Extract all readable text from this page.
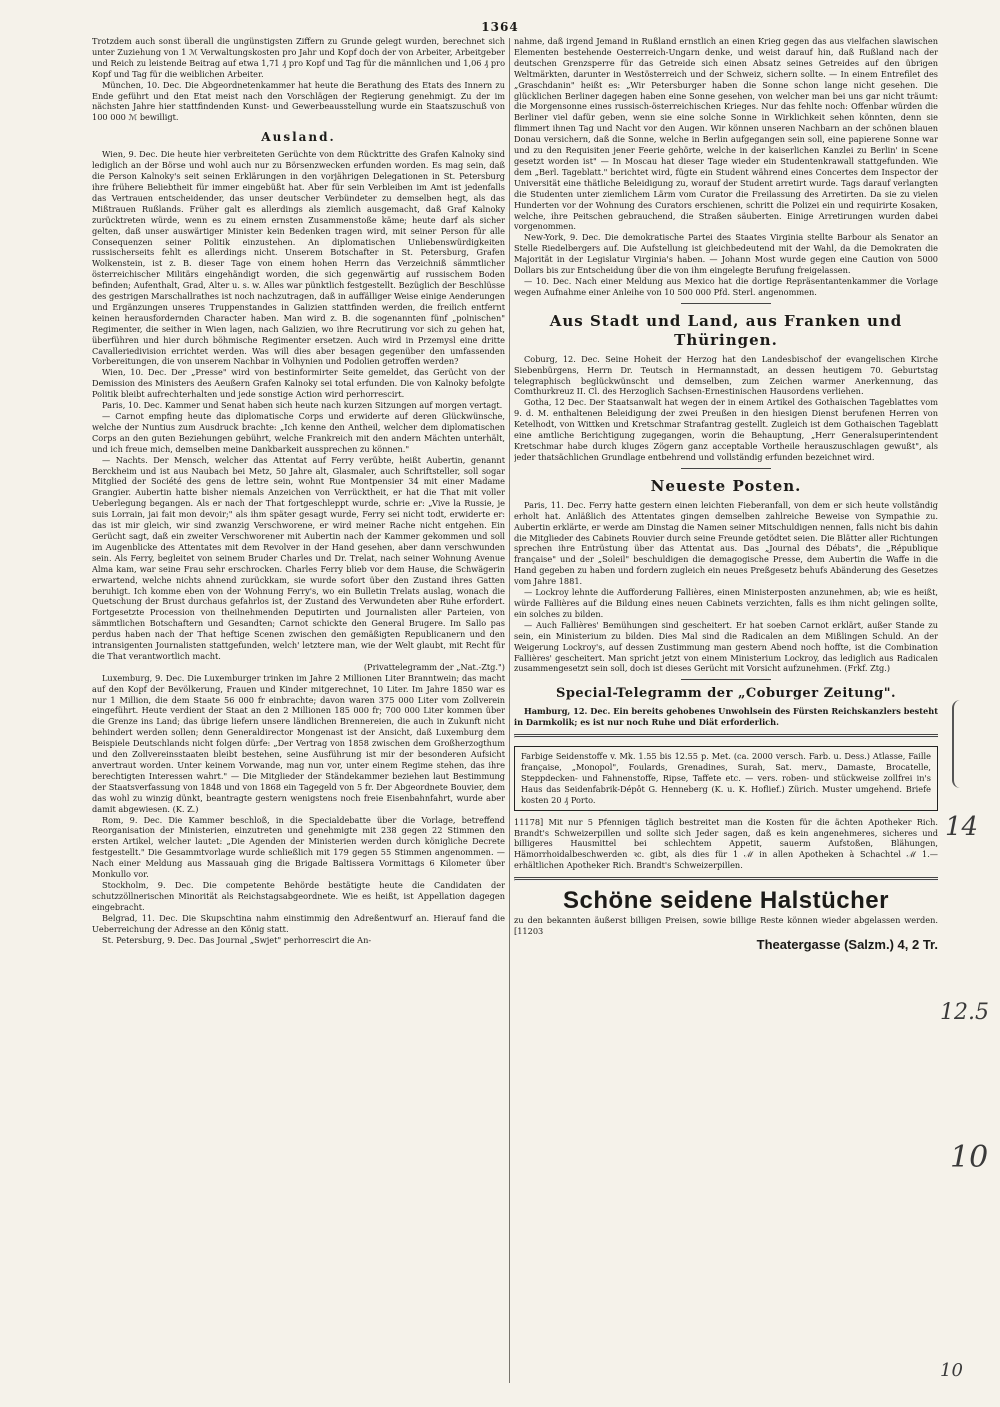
1364

Trotzdem auch sonst überall die ungünstigsten Ziffern zu Grunde gelegt wurden, berechnet sich unter Zuziehung von 1 ℳ Verwaltungskosten pro Jahr und Kopf doch der von Arbeiter, Arbeitgeber und Reich zu leistende Beitrag auf etwa 1,71 ₰ pro Kopf und Tag für die männlichen und 1,06 ₰ pro Kopf und Tag für die weiblichen Arbeiter.

München, 10. Dec. Die Abgeordnetenkammer hat heute die Berathung des Etats des Innern zu Ende geführt und den Etat meist nach den Vorschlägen der Regierung genehmigt. Zu der im nächsten Jahre hier stattfindenden Kunst- und Gewerbeausstellung wurde ein Staatszuschuß von 100 000 ℳ bewilligt.

Ausland.

Wien, 9. Dec. Die heute hier verbreiteten Gerüchte von dem Rücktritte des Grafen Kalnoky sind lediglich an der Börse und wohl auch nur zu Börsenzwecken erfunden worden. Es mag sein, daß die Person Kalnoky's seit seinen Erklärungen in den vorjährigen Delegationen in St. Petersburg ihre frühere Beliebtheit für immer eingebüßt hat. Aber für sein Verbleiben im Amt ist jedenfalls das Vertrauen entscheidender, das unser deutscher Verbündeter zu demselben hegt, als das Mißtrauen Rußlands. Früher galt es allerdings als ziemlich ausgemacht, daß Graf Kalnoky zurücktreten würde, wenn es zu einem ernsten Zusammenstoße käme; heute darf als sicher gelten, daß unser auswärtiger Minister kein Bedenken tragen wird, mit seiner Person für alle Consequenzen seiner Politik einzustehen. An diplomatischen Unliebenswürdigkeiten russischerseits fehlt es allerdings nicht. Unserem Botschafter in St. Petersburg, Grafen Wolkenstein, ist z. B. dieser Tage von einem hohen Herrn das Verzeichniß sämmtlicher österreichischer Militärs eingehändigt worden, die sich gegenwärtig auf russischem Boden befinden; Aufenthalt, Grad, Alter u. s. w. Alles war pünktlich festgestellt. Bezüglich der Beschlüsse des gestrigen Marschallrathes ist noch nachzutragen, daß in auffälliger Weise einige Aenderungen und Ergänzungen unseres Truppenstandes in Galizien stattfinden werden, die freilich entfernt keinen herausfordernden Character haben. Man wird z. B. die sogenannten fünf „polnischen" Regimenter, die seither in Wien lagen, nach Galizien, wo ihre Recrutirung vor sich zu gehen hat, überführen und hier durch böhmische Regimenter ersetzen. Auch wird in Przemysl eine dritte Cavalleriedivision errichtet werden. Was will dies aber besagen gegenüber den umfassenden Vorbereitungen, die von unserem Nachbar in Volhynien und Podolien getroffen werden?

Wien, 10. Dec. Der „Presse" wird von bestinformirter Seite gemeldet, das Gerücht von der Demission des Ministers des Aeußern Grafen Kalnoky sei total erfunden. Die von Kalnoky befolgte Politik bleibt aufrechterhalten und jede sonstige Action wird perhorrescirt.

Paris, 10. Dec. Kammer und Senat haben sich heute nach kurzen Sitzungen auf morgen vertagt.

— Carnot empfing heute das diplomatische Corps und erwiderte auf deren Glückwünsche, welche der Nuntius zum Ausdruck brachte: „Ich kenne den Antheil, welcher dem diplomatischen Corps an den guten Beziehungen gebührt, welche Frankreich mit den andern Mächten unterhält, und ich freue mich, demselben meine Dankbarkeit aussprechen zu können."

— Nachts. Der Mensch, welcher das Attentat auf Ferry verübte, heißt Aubertin, genannt Berckheim und ist aus Naubach bei Metz, 50 Jahre alt, Glasmaler, auch Schriftsteller, soll sogar Mitglied der Société des gens de lettre sein, wohnt Rue Montpensier 34 mit einer Madame Grangier. Aubertin hatte bisher niemals Anzeichen von Verrücktheit, er hat die That mit voller Ueberlegung begangen. Als er nach der That fortgeschleppt wurde, schrie er: „Vive la Russie, je suis Lorrain, jai fait mon devoir;" als ihm später gesagt wurde, Ferry sei nicht todt, erwiderte er: das ist mir gleich, wir sind zwanzig Verschworene, er wird meiner Rache nicht entgehen. Ein Gerücht sagt, daß ein zweiter Verschworener mit Aubertin nach der Kammer gekommen und soll im Augenblicke des Attentates mit dem Revolver in der Hand gesehen, aber dann verschwunden sein. Als Ferry, begleitet von seinem Bruder Charles und Dr. Trelat, nach seiner Wohnung Avenue Alma kam, war seine Frau sehr erschrocken. Charles Ferry blieb vor dem Hause, die Schwägerin erwartend, welche nichts ahnend zurückkam, sie wurde sofort über den Zustand ihres Gatten beruhigt. Ich komme eben von der Wohnung Ferry's, wo ein Bulletin Trelats auslag, wonach die Quetschung der Brust durchaus gefahrlos ist, der Zustand des Verwundeten aber Ruhe erfordert. Fortgesetzte Procession von theilnehmenden Deputirten und Journalisten aller Parteien, von sämmtlichen Botschaftern und Gesandten; Carnot schickte den General Brugere. Im Sallo pas perdus haben nach der That heftige Scenen zwischen den gemäßigten Republicanern und den intransigenten Journalisten stattgefunden, welch' letztere man, wie der Welt glaubt, mit Recht für die That verantwortlich macht.

(Privattelegramm der „Nat.-Ztg.")

Luxemburg, 9. Dec. Die Luxemburger trinken im Jahre 2 Millionen Liter Branntwein; das macht auf den Kopf der Bevölkerung, Frauen und Kinder mitgerechnet, 10 Liter. Im Jahre 1850 war es nur 1 Million, die dem Staate 56 000 fr einbrachte; davon waren 375 000 Liter vom Zollverein eingeführt. Heute verdient der Staat an den 2 Millionen 185 000 fr; 700 000 Liter kommen über die Grenze ins Land; das übrige liefern unsere ländlichen Brennereien, die auch in Zukunft nicht behindert werden sollen; denn Generaldirector Mongenast ist der Ansicht, daß Luxemburg dem Beispiele Deutschlands nicht folgen dürfe: „Der Vertrag von 1858 zwischen dem Großherzogthum und den Zollvereinsstaaten bleibt bestehen, seine Ausführung ist mir der besonderen Aufsicht anvertraut worden. Unter keinem Vorwande, mag nun vor, unter einem Regime stehen, das ihre berechtigten Interessen wahrt." — Die Mitglieder der Ständekammer beziehen laut Bestimmung der Staatsverfassung von 1848 und von 1868 ein Tagegeld von 5 fr. Der Abgeordnete Bouvier, dem das wohl zu winzig dünkt, beantragte gestern wenigstens noch freie Eisenbahnfahrt, wurde aber damit abgewiesen. (K. Z.)

Rom, 9. Dec. Die Kammer beschloß, in die Specialdebatte über die Vorlage, betreffend Reorganisation der Ministerien, einzutreten und genehmigte mit 238 gegen 22 Stimmen den ersten Artikel, welcher lautet: „Die Agenden der Ministerien werden durch königliche Decrete festgestellt." Die Gesammtvorlage wurde schließlich mit 179 gegen 55 Stimmen angenommen. — Nach einer Meldung aus Massauah ging die Brigade Baltissera Vormittags 6 Kilometer über Monkullo vor.

Stockholm, 9. Dec. Die competente Behörde bestätigte heute die Candidaten der schutzzöllnerischen Minorität als Reichstagsabgeordnete. Wie es heißt, ist Appellation dagegen eingebracht.

Belgrad, 11. Dec. Die Skupschtina nahm einstimmig den Adreßentwurf an. Hierauf fand die Ueberreichung der Adresse an den König statt.

St. Petersburg, 9. Dec. Das Journal „Swjet" perhorrescirt die An-

nahme, daß irgend Jemand in Rußland ernstlich an einen Krieg gegen das aus vielfachen slawischen Elementen bestehende Oesterreich-Ungarn denke, und weist darauf hin, daß Rußland nach der deutschen Grenzsperre für das Getreide sich einen Absatz seines Getreides auf den übrigen Weltmärkten, darunter in Westösterreich und der Schweiz, sichern sollte. — In einem Entrefilet des „Graschdanin" heißt es: „Wir Petersburger haben die Sonne schon lange nicht gesehen. Die glücklichen Berliner dagegen haben eine Sonne gesehen, von welcher man bei uns gar nicht träumt: die Morgensonne eines russisch-österreichischen Krieges. Nur das fehlte noch: Offenbar würden die Berliner viel dafür geben, wenn sie eine solche Sonne in Wirklichkeit sehen könnten, denn sie flimmert ihnen Tag und Nacht vor den Augen. Wir können unseren Nachbarn an der schönen blauen Donau versichern, daß die Sonne, welche in Berlin aufgegangen sein soll, eine papierene Sonne war und zu den Requisiten jener Feerie gehörte, welche in der kaiserlichen Kanzlei zu Berlin' in Scene gesetzt worden ist" — In Moscau hat dieser Tage wieder ein Studentenkrawall stattgefunden. Wie dem „Berl. Tageblatt." berichtet wird, fügte ein Student während eines Concertes dem Inspector der Universität eine thätliche Beleidigung zu, worauf der Student arretirt wurde. Tags darauf verlangten die Studenten unter ziemlichem Lärm vom Curator die Freilassung des Arretirten. Da sie zu vielen Hunderten vor der Wohnung des Curators erschienen, schritt die Polizei ein und requirirte Kosaken, welche, ihre Peitschen gebrauchend, die Straßen säuberten. Einige Arretirungen wurden dabei vorgenommen.

New-York, 9. Dec. Die demokratische Partei des Staates Virginia stellte Barbour als Senator an Stelle Riedelbergers auf. Die Aufstellung ist gleichbedeutend mit der Wahl, da die Demokraten die Majorität in der Legislatur Virginia's haben. — Johann Most wurde gegen eine Caution von 5000 Dollars bis zur Entscheidung über die von ihm eingelegte Berufung freigelassen.

— 10. Dec. Nach einer Meldung aus Mexico hat die dortige Repräsentantenkammer die Vorlage wegen Aufnahme einer Anleihe von 10 500 000 Pfd. Sterl. angenommen.

Aus Stadt und Land, aus Franken und Thüringen.

Coburg, 12. Dec. Seine Hoheit der Herzog hat den Landesbischof der evangelischen Kirche Siebenbürgens, Herrn Dr. Teutsch in Hermannstadt, an dessen heutigem 70. Geburtstag telegraphisch beglückwünscht und demselben, zum Zeichen warmer Anerkennung, das Comthurkreuz II. Cl. des Herzoglich Sachsen-Ernestinischen Hausordens verliehen.

Gotha, 12 Dec. Der Staatsanwalt hat wegen der in einem Artikel des Gothaischen Tageblattes vom 9. d. M. enthaltenen Beleidigung der zwei Preußen in den hiesigen Dienst berufenen Herren von Ketelhodt, von Wittken und Kretschmar Strafantrag gestellt. Zugleich ist dem Gothaischen Tageblatt eine amtliche Berichtigung zugegangen, worin die Behauptung, „Herr Generalsuperintendent Kretschmar habe durch kluges Zögern ganz acceptable Vortheile herauszuschlagen gewußt", als jeder thatsächlichen Grundlage entbehrend und vollständig erfunden bezeichnet wird.

Neueste Posten.

Paris, 11. Dec. Ferry hatte gestern einen leichten Fieberanfall, von dem er sich heute vollständig erholt hat. Anläßlich des Attentates gingen demselben zahlreiche Beweise von Sympathie zu. Aubertin erklärte, er werde am Dinstag die Namen seiner Mitschuldigen nennen, falls nicht bis dahin die Mitglieder des Cabinets Rouvier durch seine Freunde getödtet seien. Die Blätter aller Richtungen sprechen ihre Entrüstung über das Attentat aus. Das „Journal des Débats", die „République française" und der „Soleil" beschuldigen die demagogische Presse, dem Aubertin die Waffe in die Hand gegeben zu haben und fordern zugleich ein neues Preßgesetz behufs Abänderung des Gesetzes vom Jahre 1881.

— Lockroy lehnte die Aufforderung Fallières, einen Ministerposten anzunehmen, ab; wie es heißt, würde Fallières auf die Bildung eines neuen Cabinets verzichten, falls es ihm nicht gelingen sollte, ein solches zu bilden.

— Auch Fallières' Bemühungen sind gescheitert. Er hat soeben Carnot erklärt, außer Stande zu sein, ein Ministerium zu bilden. Dies Mal sind die Radicalen an dem Mißlingen Schuld. An der Weigerung Lockroy's, auf dessen Zustimmung man gestern Abend noch hoffte, ist die Combination Fallières' gescheitert. Man spricht jetzt von einem Ministerium Lockroy, das lediglich aus Radicalen zusammengesetzt sein soll, doch ist dieses Gerücht mit Vorsicht aufzunehmen. (Frkf. Ztg.)

Special-Telegramm der „Coburger Zeitung".

Hamburg, 12. Dec. Ein bereits gehobenes Unwohlsein des Fürsten Reichskanzlers besteht in Darmkolik; es ist nur noch Ruhe und Diät erforderlich.

Farbige Seidenstoffe v. Mk. 1.55 bis 12.55 p. Met. (ca. 2000 versch. Farb. u. Dess.) Atlasse, Faille française, „Monopol", Foulards, Grenadines, Surah, Sat. merv., Damaste, Brocatelle, Steppdecken- und Fahnenstoffe, Ripse, Taffete etc. — vers. roben- und stückweise zollfrei in's Haus das Seidenfabrik-Dépôt G. Henneberg (K. u. K. Hoflief.) Zürich. Muster umgehend. Briefe kosten 20 ₰ Porto.

11178] Mit nur 5 Pfennigen täglich bestreitet man die Kosten für die ächten Apotheker Rich. Brandt's Schweizerpillen und sollte sich Jeder sagen, daß es kein angenehmeres, sicheres und billigeres Hausmittel bei schlechtem Appetit, sauerm Aufstoßen, Blähungen, Hämorrhoidalbeschwerden ꝛc. gibt, als dies für 1 ℳ in allen Apotheken à Schachtel ℳ 1.— erhältlichen Apotheker Rich. Brandt's Schweizerpillen.

Schöne seidene Halstücher
zu den bekannten äußerst billigen Preisen, sowie billige Reste können wieder abgelassen werden. [11203
Theatergasse (Salzm.) 4, 2 Tr.
14
12.5
10
10
